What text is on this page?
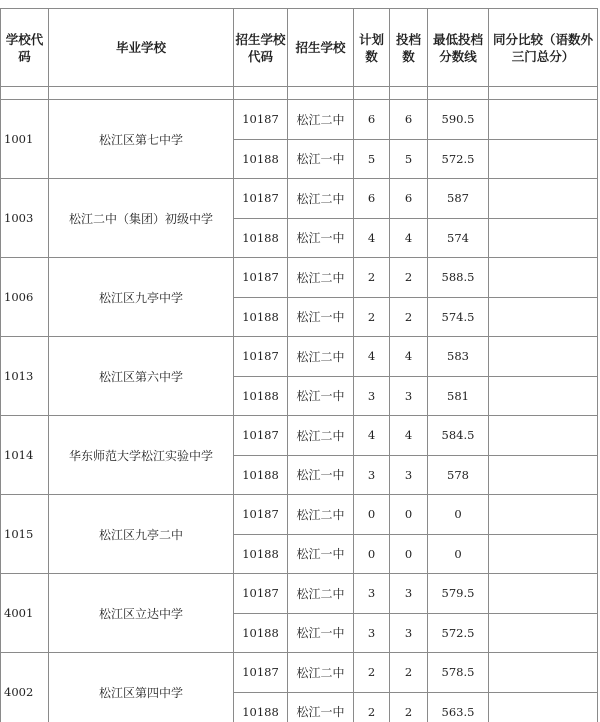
学校代码	毕业学校	招生学校代码	招生学校	计划数	投档数	最低投档 分数线	同分比较（语数外三门总分）

1001	松江区第七中学	10187	松江二中	6	6	590.5	
		10188	松江一中	5	5	572.5	
1003	松江二中（集团）初级中学	10187	松江二中	6	6	587	
		10188	松江一中	4	4	574	
1006	松江区九亭中学	10187	松江二中	2	2	588.5	
		10188	松江一中	2	2	574.5	
1013	松江区第六中学	10187	松江二中	4	4	583	
		10188	松江一中	3	3	581	
1014	华东师范大学松江实验中学	10187	松江二中	4	4	584.5	
		10188	松江一中	3	3	578	
1015	松江区九亭二中	10187	松江二中	0	0	0	
		10188	松江一中	0	0	0	
4001	松江区立达中学	10187	松江二中	3	3	579.5	
		10188	松江一中	3	3	572.5	
4002	松江区第四中学	10187	松江二中	2	2	578.5	
		10188	松江一中	2	2	563.5	
